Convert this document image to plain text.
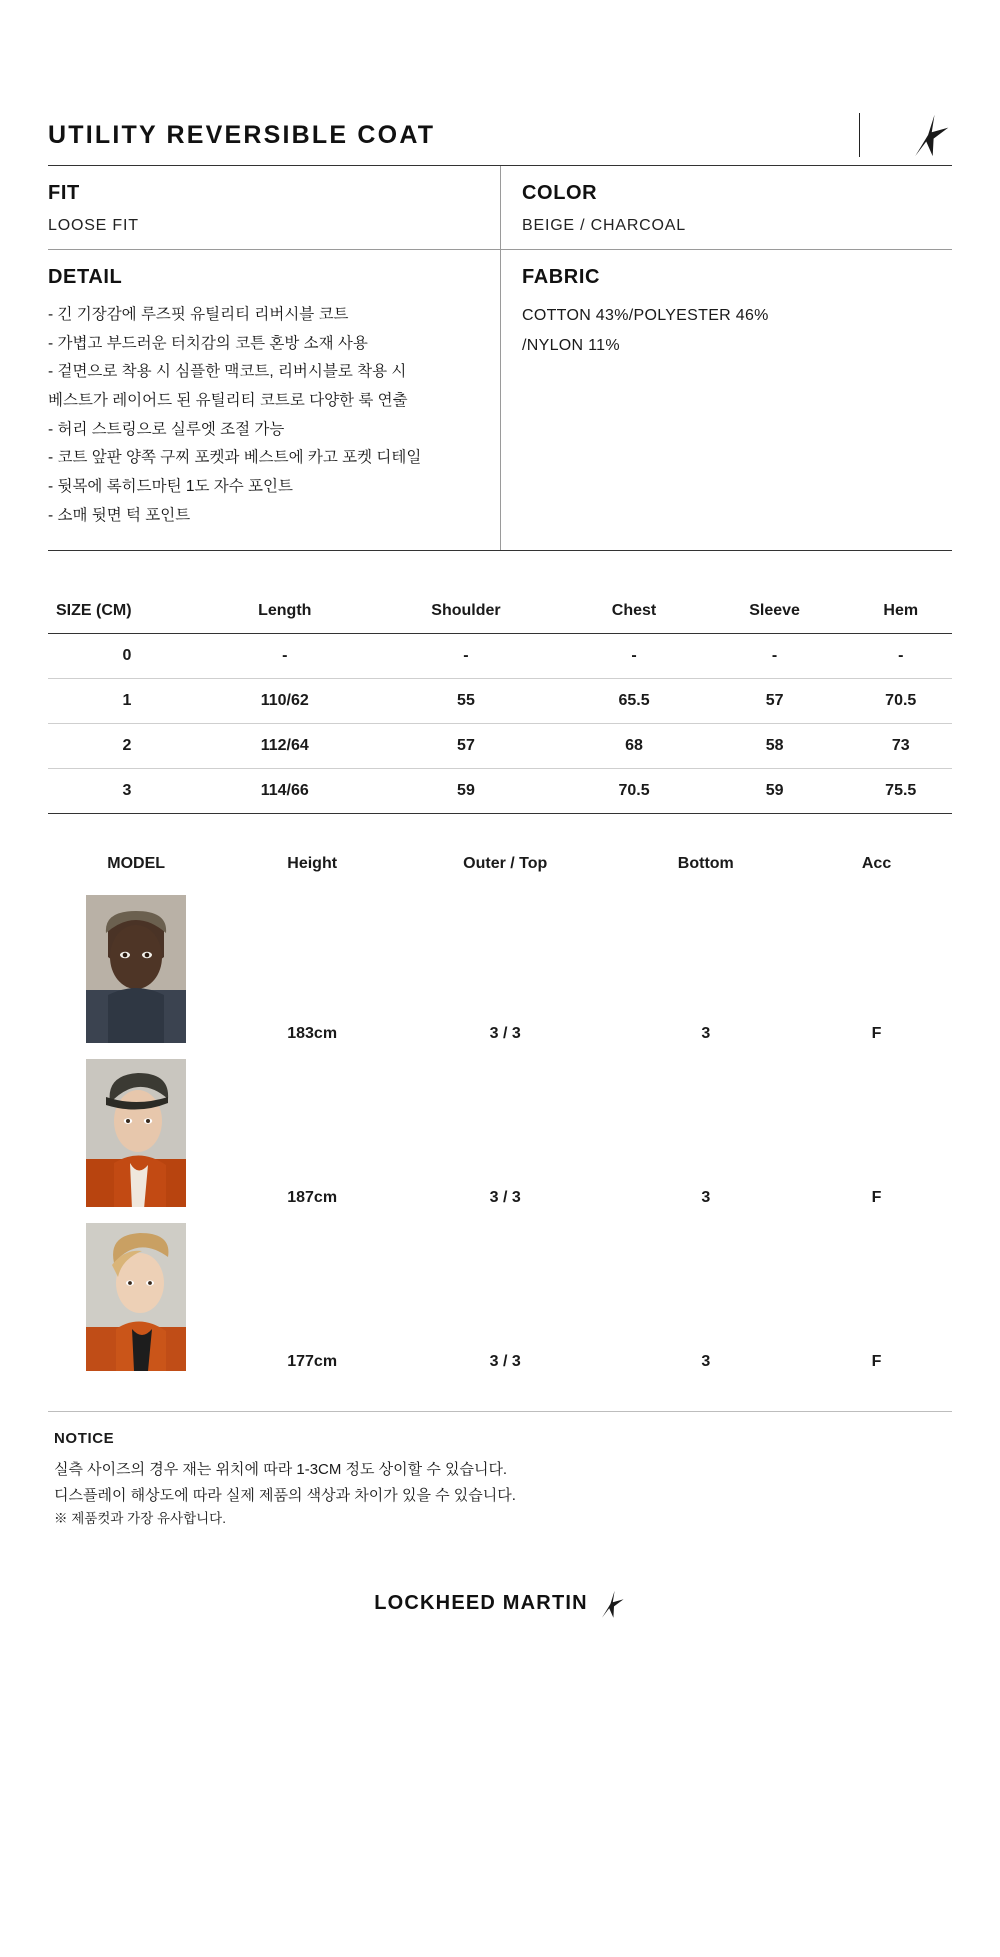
UTILITY REVERSIBLE COAT
FIT
LOOSE FIT
COLOR
BEIGE / CHARCOAL
DETAIL
- 긴 기장감에 루즈핏 유틸리티 리버시블 코트
- 가볍고 부드러운 터치감의 코튼 혼방 소재 사용
- 겉면으로 착용 시 심플한 맥코트, 리버시블로 착용 시
베스트가 레이어드 된 유틸리티 코트로 다양한 룩 연출
- 허리 스트링으로 실루엣 조절 가능
- 코트 앞판 양쪽 구찌 포켓과 베스트에 카고 포켓 디테일
- 뒷목에 록히드마틴 1도 자수 포인트
- 소매 뒷면 턱 포인트
FABRIC
COTTON 43%/POLYESTER 46%
/NYLON 11%
SIZE (CM)	Length	Shoulder	Chest	Sleeve	Hem
0	-	-	-	-	-
1	110/62	55	65.5	57	70.5
2	112/64	57	68	58	73
3	114/66	59	70.5	59	75.5
MODEL	Height	Outer / Top	Bottom	Acc

	183cm	3 / 3	3	F

	187cm	3 / 3	3	F

	177cm	3 / 3	3	F
NOTICE
실측 사이즈의 경우 재는 위치에 따라 1-3CM 정도 상이할 수 있습니다.
디스플레이 해상도에 따라 실제 제품의 색상과 차이가 있을 수 있습니다.
※ 제품컷과 가장 유사합니다.
LOCKHEED MARTIN
